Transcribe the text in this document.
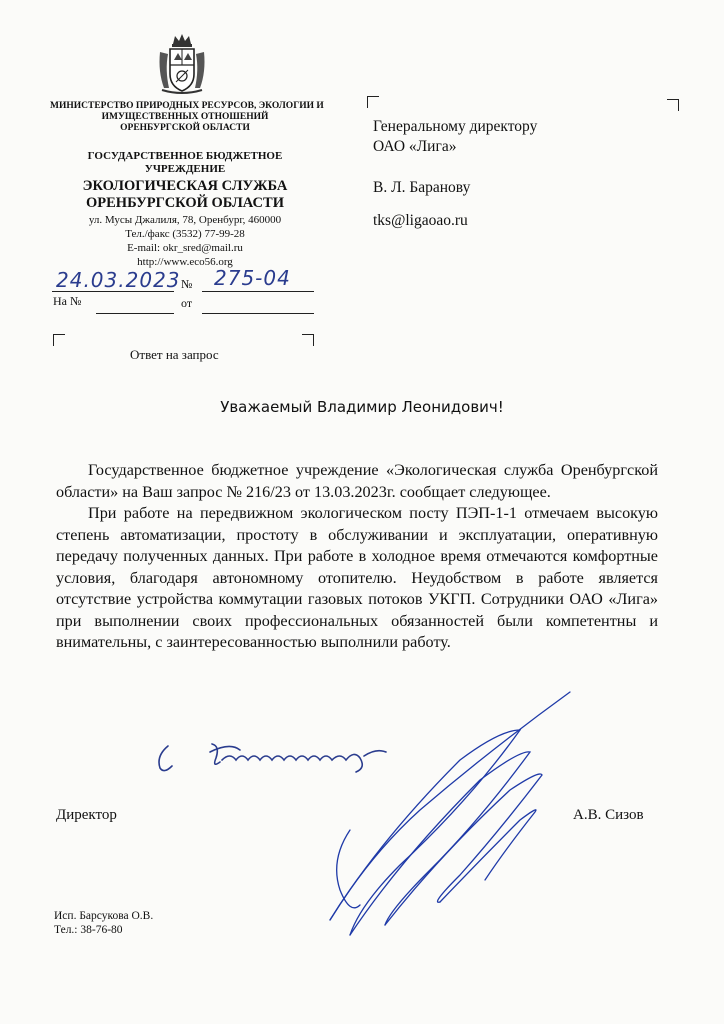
МИНИСТЕРСТВО ПРИРОДНЫХ РЕСУРСОВ, ЭКОЛОГИИ И
ИМУЩЕСТВЕННЫХ ОТНОШЕНИЙ
ОРЕНБУРГСКОЙ ОБЛАСТИ
ГОСУДАРСТВЕННОЕ БЮДЖЕТНОЕ
УЧРЕЖДЕНИЕ
ЭКОЛОГИЧЕСКАЯ СЛУЖБА
ОРЕНБУРГСКОЙ ОБЛАСТИ
ул. Мусы Джалиля, 78, Оренбург, 460000
Тел./факс (3532) 77-99-28
E-mail: okr_sred@mail.ru
http://www.eco56.org
24.03.2023 № 275-04
На №	от
Ответ на запрос
Генеральному директору
ОАО «Лига»
В. Л. Баранову
tks@ligaoao.ru
Уважаемый Владимир Леонидович!

Государственное бюджетное учреждение «Экологическая служба Оренбургской области» на Ваш запрос № 216/23 от 13.03.2023г. сообщает следующее.

При работе на передвижном экологическом посту ПЭП-1-1 отмечаем высокую степень автоматизации, простоту в обслуживании и эксплуатации, оперативную передачу полученных данных. При работе в холодное время отмечаются комфортные условия, благодаря автономному отопителю. Неудобством в работе является отсутствие устройства коммутации газовых потоков УКГП. Сотрудники ОАО «Лига» при выполнении своих профессиональных обязанностей были компетентны и внимательны, с заинтересованностью выполнили работу.

Директор	А.В. Сизов
Исп. Барсукова О.В.
Тел.: 38-76-80
